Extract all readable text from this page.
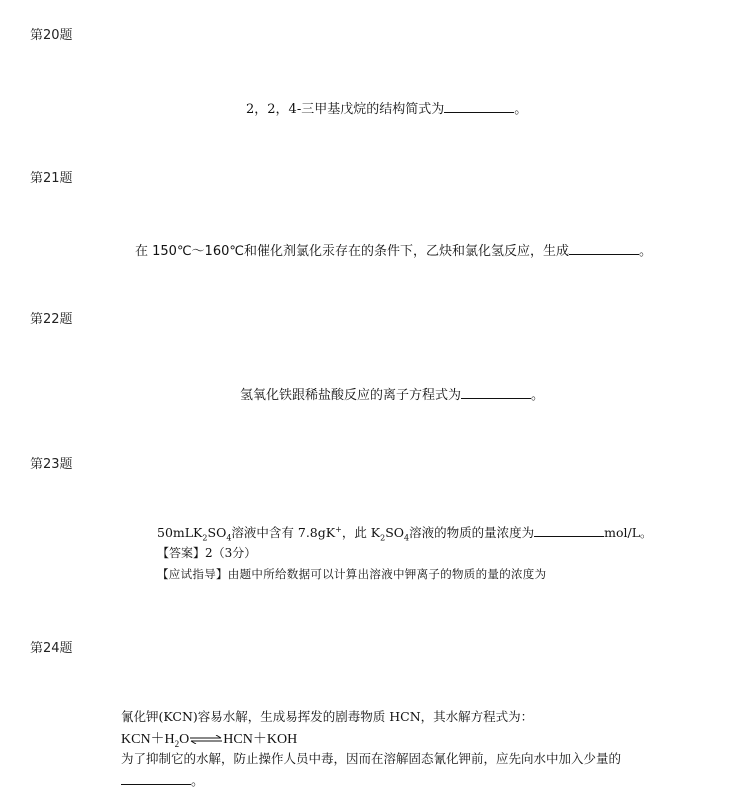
第20题
2，2，4-三甲基戊烷的结构简式为	。
第21题
在 150℃～160℃和催化剂氯化汞存在的条件下，乙炔和氯化氢反应，生成	。
第22题
氢氧化铁跟稀盐酸反应的离子方程式为	。
第23题
$50mLK_2SO_4$溶液中含有 7.8gK+，此 $K_2SO_4$溶液的物质的量浓度为	mol/L。
【答案】2（3分）
【应试指导】由题中所给数据可以计算出溶液中钾离子的物质的量的浓度为
第24题
氰化钾(KCN)容易水解，生成易挥发的剧毒物质 HCN，其水解方程式为：
$KCN+H_2O\rightleftharpoons HCN+KOH$
为了抑制它的水解，防止操作人员中毒，因而在溶解固态氰化钾前，应先向水中加入少量的
。
